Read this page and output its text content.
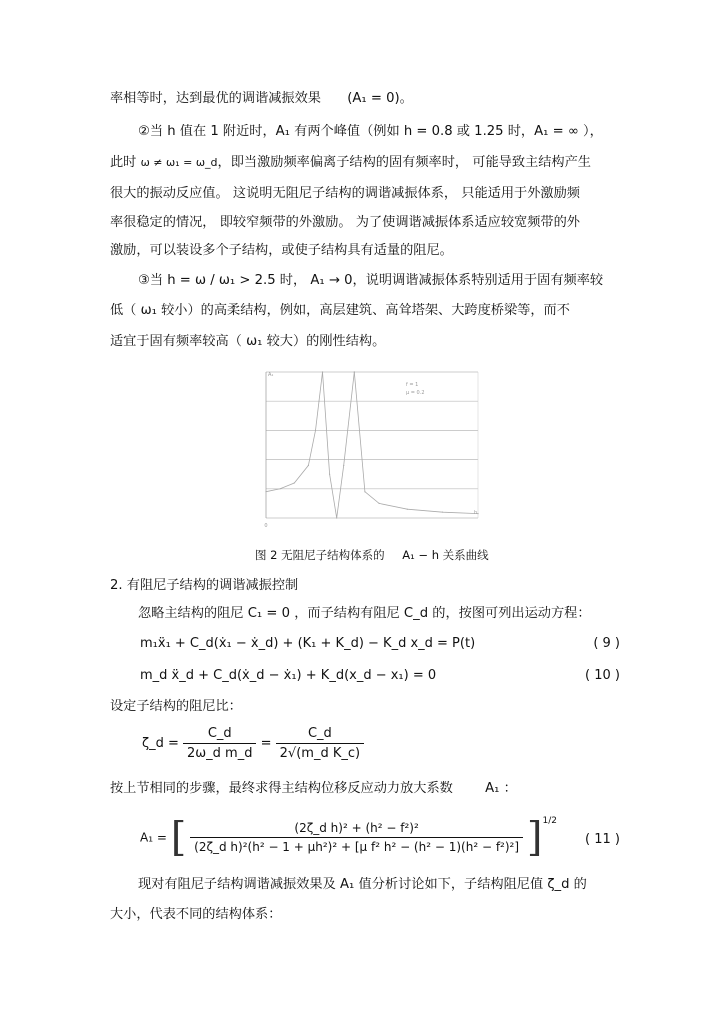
率相等时，达到最优的调谐减振效果 (A₁ = 0)。
②当 h 值在 1 附近时，A₁ 有两个峰值（例如 h = 0.8 或 1.25 时，A₁ = ∞ ），
此时 ω ≠ ω₁ = ω_d，即当激励频率偏离子结构的固有频率时， 可能导致主结构产生
很大的振动反应值。 这说明无阻尼子结构的调谐减振体系， 只能适用于外激励频
率很稳定的情况， 即较窄频带的外激励。 为了使调谐减振体系适应较宽频带的外
激励，可以装设多个子结构，或使子结构具有适量的阻尼。
③当 h = ω / ω₁ > 2.5 时， A₁ → 0，说明调谐减振体系特别适用于固有频率较
低（ ω₁ 较小）的高柔结构，例如，高层建筑、高耸塔架、大跨度桥梁等，而不
适宜于固有频率较高（ ω₁ 较大）的刚性结构。
0
f = 1
μ = 0.2
h
A₁
图 2 无阻尼子结构体系的 A₁ − h 关系曲线
2. 有阻尼子结构的调谐减振控制
忽略主结构的阻尼 C₁ = 0 ，而子结构有阻尼 C_d 的，按图可列出运动方程：
m₁ẍ₁ + C_d(ẋ₁ − ẋ_d) + (K₁ + K_d) − K_d x_d = P(t)	( 9 )
m_d ẍ_d + C_d(ẋ_d − ẋ₁) + K_d(x_d − x₁) = 0	( 10 )
设定子结构的阻尼比：
ζ_d = $\frac{C\_d}{\text{2ω\_d m\_d}} = \frac{C\_d}{\text{2√(m\_d K\_c)}}$
按上节相同的步骤，最终求得主结构位移反应动力放大系数 A₁ ：
A₁ = [ $\frac{\text{(2ζ\_d h)² + (h² − f²)²}}{\text{(2ζ\_d h)²(h² − 1 + μh²)² + [μ f² h² − (h² − 1)(h² − f²)²]}} ]^{1/2}$
( 11 )
现对有阻尼子结构调谐减振效果及 A₁ 值分析讨论如下，子结构阻尼值 ζ_d 的
大小，代表不同的结构体系：
